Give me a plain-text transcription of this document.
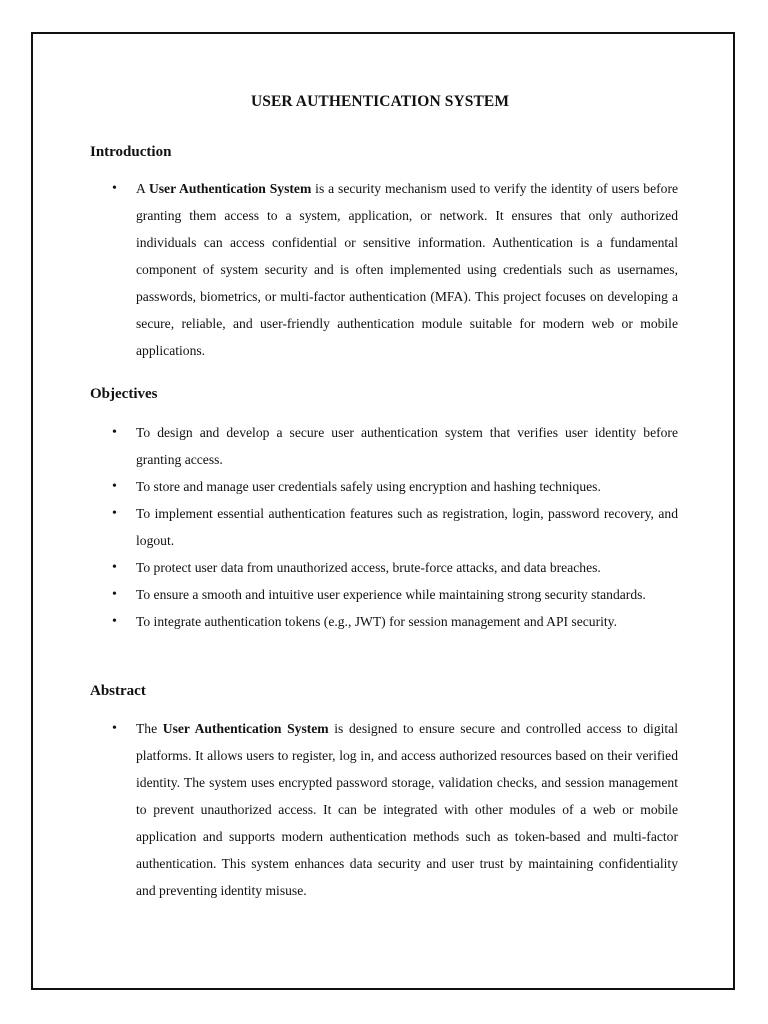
USER AUTHENTICATION SYSTEM
Introduction
• A User Authentication System is a security mechanism used to verify the identity of users before granting them access to a system, application, or network. It ensures that only authorized individuals can access confidential or sensitive information. Authentication is a fundamental component of system security and is often implemented using credentials such as usernames, passwords, biometrics, or multi-factor authentication (MFA). This project focuses on developing a secure, reliable, and user-friendly authentication module suitable for modern web or mobile applications.
Objectives
• To design and develop a secure user authentication system that verifies user identity before granting access.
• To store and manage user credentials safely using encryption and hashing techniques.
• To implement essential authentication features such as registration, login, password recovery, and logout.
• To protect user data from unauthorized access, brute-force attacks, and data breaches.
• To ensure a smooth and intuitive user experience while maintaining strong security standards.
• To integrate authentication tokens (e.g., JWT) for session management and API security.
Abstract
• The User Authentication System is designed to ensure secure and controlled access to digital platforms. It allows users to register, log in, and access authorized resources based on their verified identity. The system uses encrypted password storage, validation checks, and session management to prevent unauthorized access. It can be integrated with other modules of a web or mobile application and supports modern authentication methods such as token-based and multi-factor authentication. This system enhances data security and user trust by maintaining confidentiality and preventing identity misuse.
